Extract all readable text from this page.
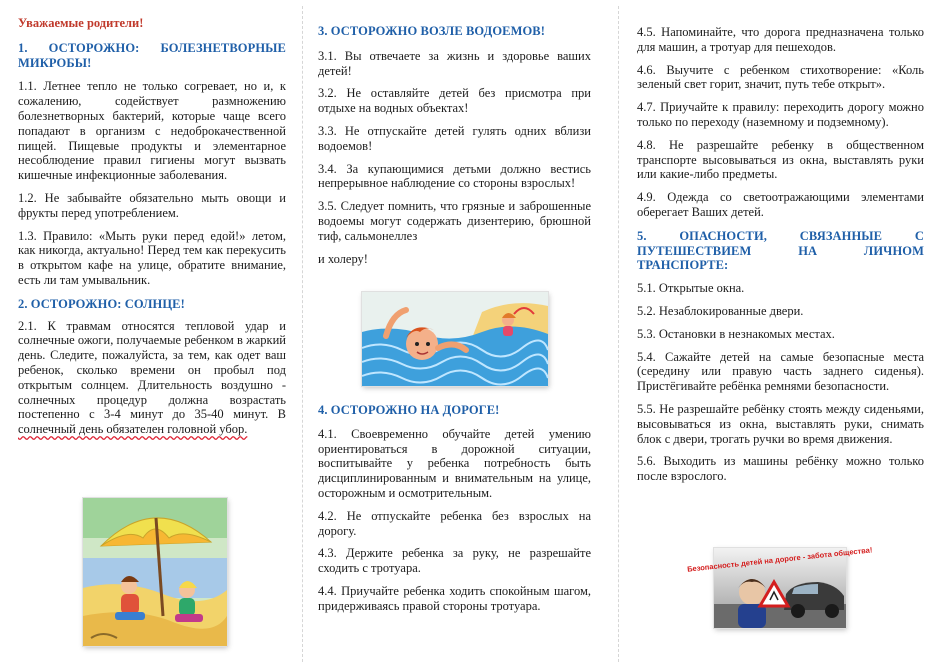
Уважаемые родители!

1. ОСТОРОЖНО: БОЛЕЗНЕТВОРНЫЕ МИКРОБЫ!

1.1. Летнее тепло не только согревает, но и, к сожалению, содействует размножению болезнетворных бактерий, которые чаще всего попадают в организм с недоброкачественной пищей. Пищевые продукты и элементарное несоблюдение правил гигиены могут вызвать кишечные инфекционные заболевания.

1.2. Не забывайте обязательно мыть овощи и фрукты перед употреблением.

1.3. Правило: «Мыть руки перед едой!» летом, как никогда, актуально! Перед тем как перекусить в открытом кафе на улице, обратите внимание, есть ли там умывальник.

2. ОСТОРОЖНО: СОЛНЦЕ!

2.1. К травмам относятся тепловой удар и солнечные ожоги, получаемые ребенком в жаркий день. Следите, пожалуйста, за тем, как одет ваш ребенок, сколько времени он пробыл под открытым солнцем. Длительность воздушно - солнечных процедур должна возрастать постепенно с 3-4 минут до 35-40 минут. В солнечный день обязателен головной убор.

3. ОСТОРОЖНО ВОЗЛЕ ВОДОЕМОВ!

3.1. Вы отвечаете за жизнь и здоровье ваших детей!

3.2. Не оставляйте детей без присмотра при отдыхе на водных объектах!

3.3. Не отпускайте детей гулять одних вблизи водоемов!

3.4. За купающимися детьми должно вестись непрерывное наблюдение со стороны взрослых!

3.5. Следует помнить, что грязные и заброшенные водоемы могут содержать дизентерию, брюшной тиф, сальмонеллез

и холеру!

4. ОСТОРОЖНО НА ДОРОГЕ!

4.1. Своевременно обучайте детей умению ориентироваться в дорожной ситуации, воспитывайте у ребенка потребность быть дисциплинированным и внимательным на улице, осторожным и осмотрительным.

4.2. Не отпускайте ребенка без взрослых на дорогу.

4.3. Держите ребенка за руку, не разрешайте сходить с тротуара.

4.4. Приучайте ребенка ходить спокойным шагом, придерживаясь правой стороны тротуара.

4.5. Напоминайте, что дорога предназначена только для машин, а тротуар для пешеходов.

4.6. Выучите с ребенком стихотворение: «Коль зеленый свет горит, значит, путь тебе открыт».

4.7. Приучайте к правилу: переходить дорогу можно только по переходу (наземному и подземному).

4.8. Не разрешайте ребенку в общественном транспорте высовываться из окна, выставлять руки или какие-либо предметы.

4.9. Одежда со светоотражающими элементами оберегает Ваших детей.

5. ОПАСНОСТИ, СВЯЗАННЫЕ С ПУТЕШЕСТВИЕМ НА ЛИЧНОМ ТРАНСПОРТЕ:

5.1. Открытые окна.

5.2. Незаблокированные двери.

5.3. Остановки в незнакомых местах.

5.4. Сажайте детей на самые безопасные места (середину или правую часть заднего сиденья). Пристёгивайте ребёнка ремнями безопасности.

5.5. Не разрешайте ребёнку стоять между сиденьями, высовываться из окна, выставлять руки, снимать блок с двери, трогать ручки во время движения.

5.6. Выходить из машины ребёнку можно только после взрослого.

Безопасность детей на дороге - забота общества!
